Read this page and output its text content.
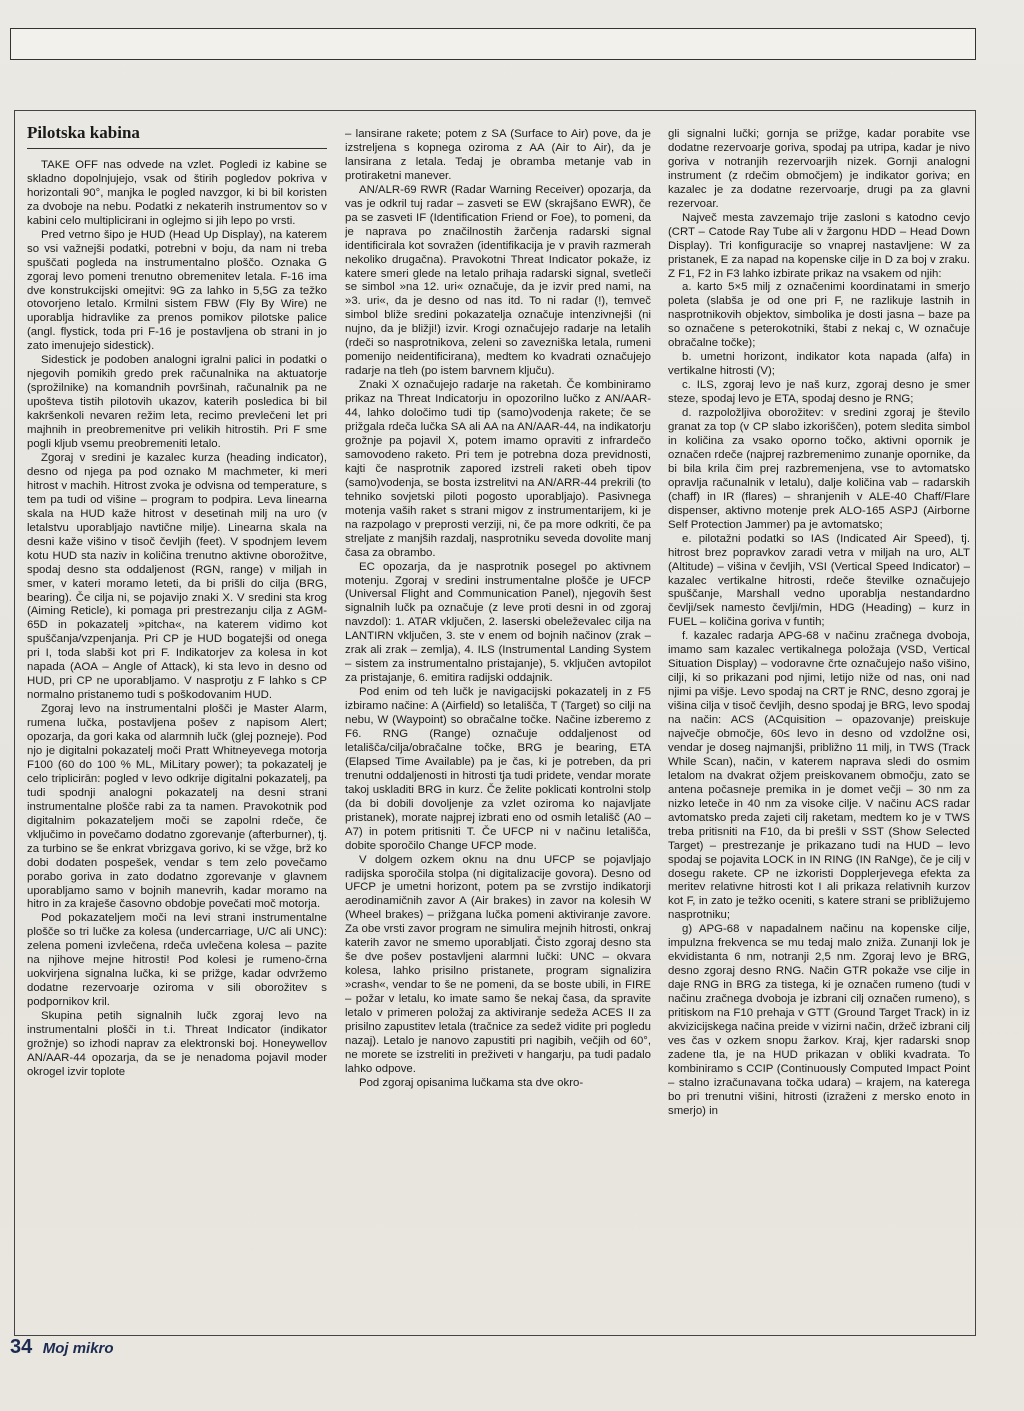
Pilotska kabina

TAKE OFF nas odvede na vzlet. Pogledi iz kabine se skladno dopolnjujejo, vsak od štirih pogledov pokriva v horizontali 90°, manjka le pogled navzgor, ki bi bil koristen za dvoboje na nebu. Podatki z nekaterih instrumentov so v kabini celo multiplicirani in oglejmo si jih lepo po vrsti.

Pred vetrno šipo je HUD (Head Up Display), na katerem so vsi važnejši podatki, potrebni v boju, da nam ni treba spuščati pogleda na instrumentalno ploščo. Oznaka G zgoraj levo pomeni trenutno obremenitev letala. F-16 ima dve konstrukcijski omejitvi: 9G za lahko in 5,5G za težko otovorjeno letalo. Krmilni sistem FBW (Fly By Wire) ne uporablja hidravlike za prenos pomikov pilotske palice (angl. flystick, toda pri F-16 je postavljena ob strani in jo zato imenujejo sidestick).

Sidestick je podoben analogni igralni palici in podatki o njegovih pomikih gredo prek računalnika na aktuatorje (sprožilnike) na komandnih površinah, računalnik pa ne upošteva tistih pilotovih ukazov, katerih posledica bi bil kakršenkoli nevaren režim leta, recimo prevlečeni let pri majhnih in preobremenitve pri velikih hitrostih. Pri F sme pogli kljub vsemu preobremeniti letalo.

Zgoraj v sredini je kazalec kurza (heading indicator), desno od njega pa pod oznako M machmeter, ki meri hitrost v machih. Hitrost zvoka je odvisna od temperature, s tem pa tudi od višine – program to podpira. Leva linearna skala na HUD kaže hitrost v desetinah milj na uro (v letalstvu uporabljajo navtične milje). Linearna skala na desni kaže višino v tisoč čevljih (feet). V spodnjem levem kotu HUD sta naziv in količina trenutno aktivne oborožitve, spodaj desno sta oddaljenost (RGN, range) v miljah in smer, v kateri moramo leteti, da bi prišli do cilja (BRG, bearing). Če cilja ni, se pojavijo znaki X. V sredini sta krog (Aiming Reticle), ki pomaga pri prestrezanju cilja z AGM-65D in pokazatelj »pitcha«, na katerem vidimo kot spuščanja/vzpenjanja. Pri CP je HUD bogatejši od onega pri I, toda slabši kot pri F. Indikatorjev za kolesa in kot napada (AOA – Angle of Attack), ki sta levo in desno od HUD, pri CP ne uporabljamo. V nasprotju z F lahko s CP normalno pristanemo tudi s poškodovanim HUD.

Zgoraj levo na instrumentalni plošči je Master Alarm, rumena lučka, postavljena pošev z napisom Alert; opozarja, da gori kaka od alarmnih lučk (glej pozneje). Pod njo je digitalni pokazatelj moči Pratt Whitneyevega motorja F100 (60 do 100 % ML, MiLitary power); ta pokazatelj je celo triplicirān: pogled v levo odkrije digitalni pokazatelj, pa tudi spodnji analogni pokazatelj na desni strani instrumentalne plošče rabi za ta namen. Pravokotnik pod digitalnim pokazateljem moči se zapolni rdeče, če vključimo in povečamo dodatno zgorevanje (afterburner), tj. za turbino se še enkrat vbrizgava gorivo, ki se vžge, brž ko dobi dodaten pospešek, vendar s tem zelo povečamo porabo goriva in zato dodatno zgorevanje v glavnem uporabljamo samo v bojnih manevrih, kadar moramo na hitro in za kraješe časovno obdobje povečati moč motorja.

Pod pokazateljem moči na levi strani instrumentalne plošče so tri lučke za kolesa (undercarriage, U/C ali UNC): zelena pomeni izvlečena, rdeča uvlečena kolesa – pazite na njihove mejne hitrosti! Pod kolesi je rumeno-črna uokvirjena signalna lučka, ki se prižge, kadar odvržemo dodatne rezervoarje oziroma v sili oborožitev s podpornikov kril.

Skupina petih signalnih lučk zgoraj levo na instrumentalni plošči in t.i. Threat Indicator (indikator grožnje) so izhodi naprav za elektronski boj. Honeywellov AN/AAR-44 opozarja, da se je nenadoma pojavil moder okrogel izvir toplote

– lansirane rakete; potem z SA (Surface to Air) pove, da je izstreljena s kopnega oziroma z AA (Air to Air), da je lansirana z letala. Tedaj je obramba metanje vab in protiraketni manever.

AN/ALR-69 RWR (Radar Warning Receiver) opozarja, da vas je odkril tuj radar – zasveti se EW (skrajšano EWR), če pa se zasveti IF (Identification Friend or Foe), to pomeni, da je naprava po značilnostih žarčenja radarski signal identificirala kot sovražen (identifikacija je v pravih razmerah nekoliko drugačna). Pravokotni Threat Indicator pokaže, iz katere smeri glede na letalo prihaja radarski signal, svetleči se simbol »na 12. uri« označuje, da je izvir pred nami, na »3. uri«, da je desno od nas itd. To ni radar (!), temveč simbol bliže sredini pokazatelja označuje intenzivnejši (ni nujno, da je bližji!) izvir. Krogi označujejo radarje na letalih (rdeči so nasprotnikova, zeleni so zavezniška letala, rumeni pomenijo neidentificirana), medtem ko kvadrati označujejo radarje na tleh (po istem barvnem ključu).

Znaki X označujejo radarje na raketah. Če kombiniramo prikaz na Threat Indicatorju in opozorilno lučko z AN/AAR-44, lahko določimo tudi tip (samo)vodenja rakete; če se prižgala rdeča lučka SA ali AA na AN/AAR-44, na indikatorju grožnje pa pojavil X, potem imamo opraviti z infrardečo samovodeno raketo. Pri tem je potrebna doza previdnosti, kajti če nasprotnik zapored izstreli raketi obeh tipov (samo)vodenja, se bosta izstrelitvi na AN/ARR-44 prekrili (to tehniko sovjetski piloti pogosto uporabljajo). Pasivnega motenja vaših raket s strani migov z instrumentarijem, ki je na razpolago v preprosti verziji, ni, če pa more odkriti, če pa streljate z manjših razdalj, nasprotniku seveda dovolite manj časa za obrambo.

EC opozarja, da je nasprotnik posegel po aktivnem motenju. Zgoraj v sredini instrumentalne plošče je UFCP (Universal Flight and Communication Panel), njegovih šest signalnih lučk pa označuje (z leve proti desni in od zgoraj navzdol): 1. ATAR vključen, 2. laserski obeleževalec cilja na LANTIRN vključen, 3. ste v enem od bojnih načinov (zrak – zrak ali zrak – zemlja), 4. ILS (Instrumental Landing System – sistem za instrumentalno pristajanje), 5. vključen avtopilot za pristajanje, 6. emitira radijski oddajnik.

Pod enim od teh lučk je navigacijski pokazatelj in z F5 izbiramo načine: A (Airfield) so letališča, T (Target) so cilji na nebu, W (Waypoint) so obračalne točke. Načine izberemo z F6. RNG (Range) označuje oddaljenost od letališča/cilja/obračalne točke, BRG je bearing, ETA (Elapsed Time Available) pa je čas, ki je potreben, da pri trenutni oddaljenosti in hitrosti tja tudi pridete, vendar morate takoj uskladiti BRG in kurz. Če želite poklicati kontrolni stolp (da bi dobili dovoljenje za vzlet oziroma ko najavljate pristanek), morate najprej izbrati eno od osmih letališč (A0 – A7) in potem pritisniti T. Če UFCP ni v načinu letališča, dobite sporočilo Change UFCP mode.

V dolgem ozkem oknu na dnu UFCP se pojavljajo radijska sporočila stolpa (ni digitalizacije govora). Desno od UFCP je umetni horizont, potem pa se zvrstijo indikatorji aerodinamičnih zavor A (Air brakes) in zavor na kolesih W (Wheel brakes) – prižgana lučka pomeni aktiviranje zavore. Za obe vrsti zavor program ne simulira mejnih hitrosti, onkraj katerih zavor ne smemo uporabljati. Čisto zgoraj desno sta še dve pošev postavljeni alarmni lučki: UNC – okvara kolesa, lahko prisilno pristanete, program signalizira »crash«, vendar to še ne pomeni, da se boste ubili, in FIRE – požar v letalu, ko imate samo še nekaj časa, da spravite letalo v primeren položaj za aktiviranje sedeža ACES II za prisilno zapustitev letala (tračnice za sedež vidite pri pogledu nazaj). Letalo je nanovo zapustiti pri nagibih, večjih od 60°, ne morete se izstreliti in preživeti v hangarju, pa tudi padalo lahko odpove.

Pod zgoraj opisanima lučkama sta dve okro-

gli signalni lučki; gornja se prižge, kadar porabite vse dodatne rezervoarje goriva, spodaj pa utripa, kadar je nivo goriva v notranjih rezervoarjih nizek. Gornji analogni instrument (z rdečim območjem) je indikator goriva; en kazalec je za dodatne rezervoarje, drugi pa za glavni rezervoar.

Največ mesta zavzemajo trije zasloni s katodno cevjo (CRT – Catode Ray Tube ali v žargonu HDD – Head Down Display). Tri konfiguracije so vnaprej nastavljene: W za pristanek, E za napad na kopenske cilje in D za boj v zraku. Z F1, F2 in F3 lahko izbirate prikaz na vsakem od njih:

a. karto 5×5 milj z označenimi koordinatami in smerjo poleta (slabša je od one pri F, ne razlikuje lastnih in nasprotnikovih objektov, simbolika je dosti jasna – baze pa so označene s peterokotniki, štabi z nekaj c, W označuje obračalne točke);

b. umetni horizont, indikator kota napada (alfa) in vertikalne hitrosti (V);

c. ILS, zgoraj levo je naš kurz, zgoraj desno je smer steze, spodaj levo je ETA, spodaj desno je RNG;

d. razpoložljiva oborožitev: v sredini zgoraj je število granat za top (v CP slabo izkoriščen), potem sledita simbol in količina za vsako oporno točko, aktivni opornik je označen rdeče (najprej razbremenimo zunanje opornike, da bi bila krila čim prej razbremenjena, vse to avtomatsko opravlja računalnik v letalu), dalje količina vab – radarskih (chaff) in IR (flares) – shranjenih v ALE-40 Chaff/Flare dispenser, aktivno motenje prek ALO-165 ASPJ (Airborne Self Protection Jammer) pa je avtomatsko;

e. pilotažni podatki so IAS (Indicated Air Speed), tj. hitrost brez popravkov zaradi vetra v miljah na uro, ALT (Altitude) – višina v čevljih, VSI (Vertical Speed Indicator) – kazalec vertikalne hitrosti, rdeče številke označujejo spuščanje, Marshall vedno uporablja nestandardno čevlji/sek namesto čevlji/min, HDG (Heading) – kurz in FUEL – količina goriva v funtih;

f. kazalec radarja APG-68 v načinu zračnega dvoboja, imamo sam kazalec vertikalnega položaja (VSD, Vertical Situation Display) – vodoravne črte označujejo našo višino, cilji, ki so prikazani pod njimi, letijo niže od nas, oni nad njimi pa višje. Levo spodaj na CRT je RNC, desno zgoraj je višina cilja v tisoč čevljih, desno spodaj je BRG, levo spodaj na način: ACS (ACquisition – opazovanje) preiskuje največje območje, 60≤ levo in desno od vzdolžne osi, vendar je doseg najmanjši, približno 11 milj, in TWS (Track While Scan), način, v katerem naprava sledi do osmim letalom na dvakrat ožjem preiskovanem območju, zato se antena počasneje premika in je domet večji – 30 nm za nizko leteče in 40 nm za visoke cilje. V načinu ACS radar avtomatsko preda zajeti cilj raketam, medtem ko je v TWS treba pritisniti na F10, da bi prešli v SST (Show Selected Target) – prestrezanje je prikazano tudi na HUD – levo spodaj se pojavita LOCK in IN RING (IN RaNge), če je cilj v dosegu rakete. CP ne izkoristi Dopplerjevega efekta za meritev relativne hitrosti kot I ali prikaza relativnih kurzov kot F, in zato je težko oceniti, s katere strani se približujemo nasprotniku;

g) APG-68 v napadalnem načinu na kopenske cilje, impulzna frekvenca se mu tedaj malo zniža. Zunanji lok je ekvidistanta 6 nm, notranji 2,5 nm. Zgoraj levo je BRG, desno zgoraj desno RNG. Način GTR pokaže vse cilje in daje RNG in BRG za tistega, ki je označen rumeno (tudi v načinu zračnega dvoboja je izbrani cilj označen rumeno), s pritiskom na F10 prehaja v GTT (Ground Target Track) in iz akvizicijskega načina preide v vizirni način, držeč izbrani cilj ves čas v ozkem snopu žarkov. Kraj, kjer radarski snop zadene tla, je na HUD prikazan v obliki kvadrata. To kombiniramo s CCIP (Continuously Computed Impact Point – stalno izračunavana točka udara) – krajem, na katerega bo pri trenutni višini, hitrosti (izraženi z mersko enoto in smerjo) in

34 Moj mikro
